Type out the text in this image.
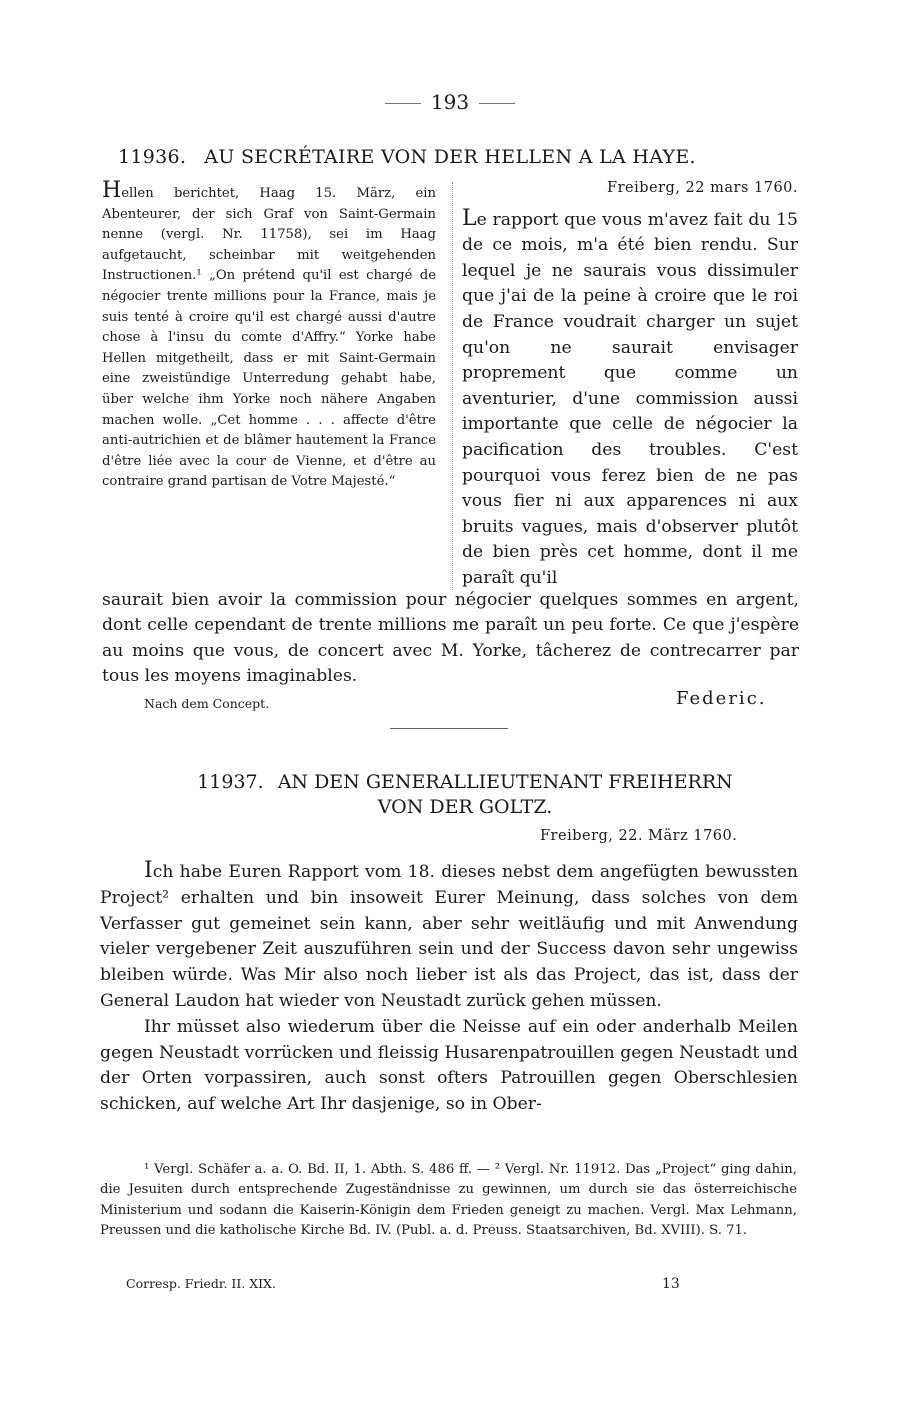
193
11936. AU SECRÉTAIRE VON DER HELLEN A LA HAYE.

Hellen berichtet, Haag 15. März, ein Abenteurer, der sich Graf von Saint-Germain nenne (vergl. Nr. 11758), sei im Haag aufgetaucht, scheinbar mit weitgehenden Instructionen.¹ „On prétend qu'il est chargé de négocier trente millions pour la France, mais je suis tenté à croire qu'il est chargé aussi d'autre chose à l'insu du comte d'Affry.“ Yorke habe Hellen mitgetheilt, dass er mit Saint-Germain eine zweistündige Unterredung gehabt habe, über welche ihm Yorke noch nähere Angaben machen wolle. „Cet homme . . . affecte d'être anti-autrichien et de blâmer hautement la France d'être liée avec la cour de Vienne, et d'être au contraire grand partisan de Votre Majesté.“

Freiberg, 22 mars 1760.

Le rapport que vous m'avez fait du 15 de ce mois, m'a été bien rendu. Sur lequel je ne saurais vous dissimuler que j'ai de la peine à croire que le roi de France voudrait charger un sujet qu'on ne saurait envisager proprement que comme un aventurier, d'une commission aussi importante que celle de négocier la pacification des troubles. C'est pourquoi vous ferez bien de ne pas vous fier ni aux apparences ni aux bruits vagues, mais d'observer plutôt de bien près cet homme, dont il me paraît qu'il

saurait bien avoir la commission pour négocier quelques sommes en argent, dont celle cependant de trente millions me paraît un peu forte. Ce que j'espère au moins que vous, de concert avec M. Yorke, tâcherez de contrecarrer par tous les moyens imaginables.

Nach dem Concept.	Federic.
11937. AN DEN GENERALLIEUTENANT FREIHERRN
VON DER GOLTZ.
Freiberg, 22. März 1760.

Ich habe Euren Rapport vom 18. dieses nebst dem angefügten bewussten Project² erhalten und bin insoweit Eurer Meinung, dass solches von dem Verfasser gut gemeinet sein kann, aber sehr weitläufig und mit Anwendung vieler vergebener Zeit auszuführen sein und der Success davon sehr ungewiss bleiben würde. Was Mir also noch lieber ist als das Project, das ist, dass der General Laudon hat wieder von Neustadt zurück gehen müssen.

Ihr müsset also wiederum über die Neisse auf ein oder anderhalb Meilen gegen Neustadt vorrücken und fleissig Husarenpatrouillen gegen Neustadt und der Orten vorpassiren, auch sonst ofters Patrouillen gegen Oberschlesien schicken, auf welche Art Ihr dasjenige, so in Ober-

¹ Vergl. Schäfer a. a. O. Bd. II, 1. Abth. S. 486 ff. — ² Vergl. Nr. 11912. Das „Project“ ging dahin, die Jesuiten durch entsprechende Zugeständnisse zu gewinnen, um durch sie das österreichische Ministerium und sodann die Kaiserin-Königin dem Frieden geneigt zu machen. Vergl. Max Lehmann, Preussen und die katholische Kirche Bd. IV. (Publ. a. d. Preuss. Staatsarchiven, Bd. XVIII). S. 71.

Corresp. Friedr. II. XIX.	13
